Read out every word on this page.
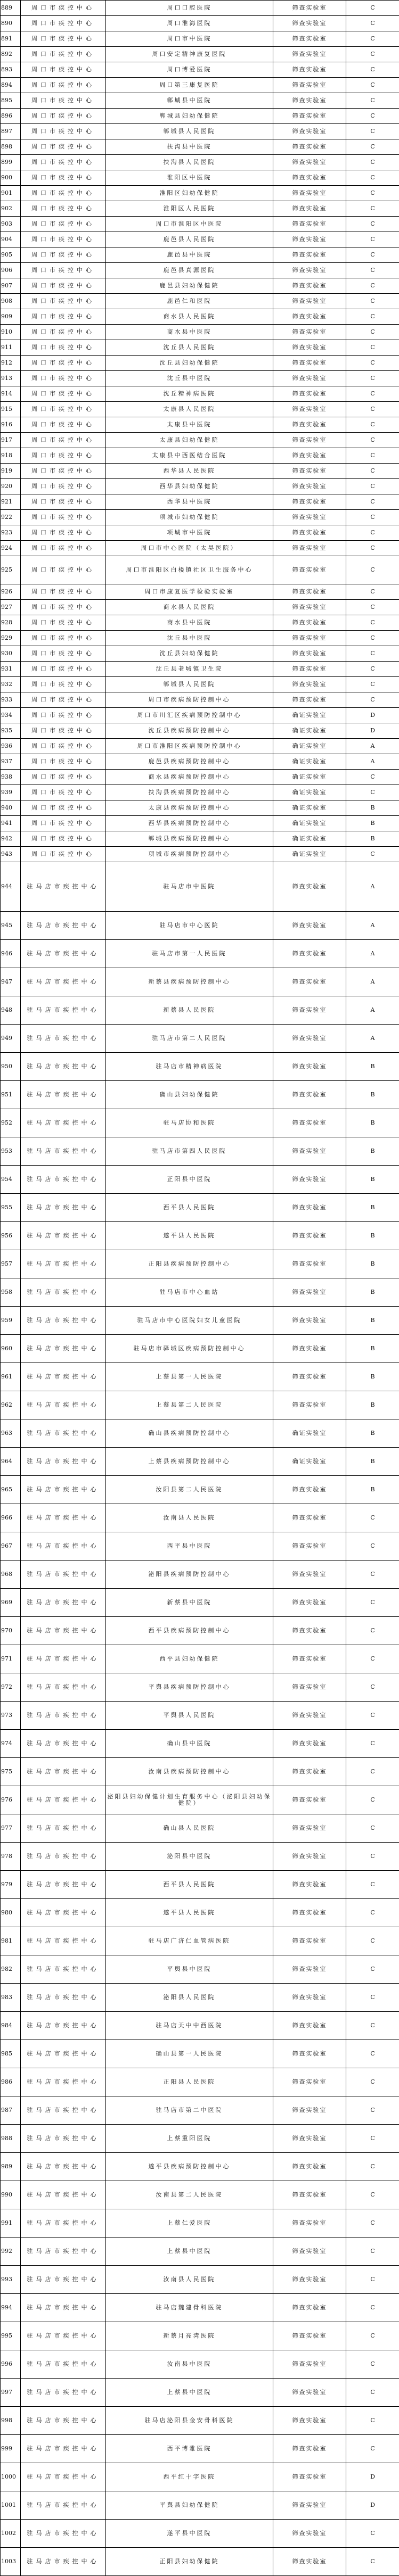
889	周口市疾控中心	周口口腔医院	筛查实验室	C
890	周口市疾控中心	周口淮海医院	筛查实验室	C
891	周口市疾控中心	周口市中医院	筛查实验室	C
892	周口市疾控中心	周口安定精神康复医院	筛查实验室	C
893	周口市疾控中心	周口博爱医院	筛查实验室	C
894	周口市疾控中心	周口第三康复医院	筛查实验室	C
895	周口市疾控中心	郸城县中医院	筛查实验室	C
896	周口市疾控中心	郸城县妇幼保健院	筛查实验室	C
897	周口市疾控中心	郸城县人民医院	筛查实验室	C
898	周口市疾控中心	扶沟县中医院	筛查实验室	C
899	周口市疾控中心	扶沟县人民医院	筛查实验室	C
900	周口市疾控中心	淮阳区中医院	筛查实验室	C
901	周口市疾控中心	淮阳区妇幼保健院	筛查实验室	C
902	周口市疾控中心	淮阳区人民医院	筛查实验室	C
903	周口市疾控中心	周口市淮阳区中医院	筛查实验室	C
904	周口市疾控中心	鹿邑县人民医院	筛查实验室	C
905	周口市疾控中心	鹿邑县中医院	筛查实验室	C
906	周口市疾控中心	鹿邑县真源医院	筛查实验室	C
907	周口市疾控中心	鹿邑县妇幼保健院	筛查实验室	C
908	周口市疾控中心	鹿邑仁和医院	筛查实验室	C
909	周口市疾控中心	商水县人民医院	筛查实验室	C
910	周口市疾控中心	商水县中医院	筛查实验室	C
911	周口市疾控中心	沈丘县人民医院	筛查实验室	C
912	周口市疾控中心	沈丘县妇幼保健院	筛查实验室	C
913	周口市疾控中心	沈丘县中医院	筛查实验室	C
914	周口市疾控中心	沈丘精神病医院	筛查实验室	C
915	周口市疾控中心	太康县人民医院	筛查实验室	C
916	周口市疾控中心	太康县中医院	筛查实验室	C
917	周口市疾控中心	太康县妇幼保健院	筛查实验室	C
918	周口市疾控中心	太康县中西医结合医院	筛查实验室	C
919	周口市疾控中心	西华县人民医院	筛查实验室	C
920	周口市疾控中心	西华县妇幼保健院	筛查实验室	C
921	周口市疾控中心	西华县中医院	筛查实验室	C
922	周口市疾控中心	项城市妇幼保健院	筛查实验室	C
923	周口市疾控中心	项城市中医院	筛查实验室	C
924	周口市疾控中心	周口市中心医院（太昊医院）	筛查实验室	C
925	周口市疾控中心	周口市淮阳区白楼镇社区卫生服务中心	筛查实验室	C
926	周口市疾控中心	周口市康复医学检验实验室	筛查实验室	C
927	周口市疾控中心	商水县人民医院	筛查实验室	C
928	周口市疾控中心	商水县中医院	筛查实验室	C
929	周口市疾控中心	沈丘县中医院	筛查实验室	C
930	周口市疾控中心	沈丘县妇幼保健院	筛查实验室	C
931	周口市疾控中心	沈丘县老城镇卫生院	筛查实验室	C
932	周口市疾控中心	郸城县人民医院	筛查实验室	C
933	周口市疾控中心	周口市疾病预防控制中心	筛查实验室	C
934	周口市疾控中心	周口市川汇区疾病预防控制中心	确证实验室	D
935	周口市疾控中心	沈丘县疾病预防控制中心	确证实验室	D
936	周口市疾控中心	周口市淮阳区疾病预防控制中心	确证实验室	A
937	周口市疾控中心	鹿邑县疾病预防控制中心	确证实验室	A
938	周口市疾控中心	商水县疾病预防控制中心	确证实验室	C
939	周口市疾控中心	扶沟县疾病预防控制中心	确证实验室	C
940	周口市疾控中心	太康县疾病预防控制中心	确证实验室	B
941	周口市疾控中心	西华县疾病预防控制中心	确证实验室	B
942	周口市疾控中心	郸城县疾病预防控制中心	确证实验室	B
943	周口市疾控中心	项城市疾病预防控制中心	确证实验室	C
944	驻马店市疾控中心	驻马店市中医院	筛查实验室	A
945	驻马店市疾控中心	驻马店市中心医院	筛查实验室	A
946	驻马店市疾控中心	驻马店市第一人民医院	筛查实验室	A
947	驻马店市疾控中心	新蔡县疾病预防控制中心	筛查实验室	A
948	驻马店市疾控中心	新蔡县人民医院	筛查实验室	A
949	驻马店市疾控中心	驻马店市第二人民医院	筛查实验室	A
950	驻马店市疾控中心	驻马店市精神病医院	筛查实验室	B
951	驻马店市疾控中心	确山县妇幼保健院	筛查实验室	B
952	驻马店市疾控中心	驻马店协和医院	筛查实验室	B
953	驻马店市疾控中心	驻马店市第四人民医院	筛查实验室	B
954	驻马店市疾控中心	正阳县中医院	筛查实验室	B
955	驻马店市疾控中心	西平县人民医院	筛查实验室	B
956	驻马店市疾控中心	遂平县人民医院	筛查实验室	B
957	驻马店市疾控中心	正阳县疾病预防控制中心	筛查实验室	B
958	驻马店市疾控中心	驻马店市中心血站	筛查实验室	B
959	驻马店市疾控中心	驻马店市中心医院妇女儿童医院	筛查实验室	B
960	驻马店市疾控中心	驻马店市驿城区疾病预防控制中心	筛查实验室	B
961	驻马店市疾控中心	上蔡县第一人民医院	筛查实验室	B
962	驻马店市疾控中心	上蔡县第二人民医院	筛查实验室	B
963	驻马店市疾控中心	确山县疾病预防控制中心	确证实验室	B
964	驻马店市疾控中心	上蔡县疾病预防控制中心	确证实验室	B
965	驻马店市疾控中心	汝阳县第二人民医院	筛查实验室	B
966	驻马店市疾控中心	汝南县人民医院	筛查实验室	C
967	驻马店市疾控中心	西平县中医院	筛查实验室	C
968	驻马店市疾控中心	泌阳县疾病预防控制中心	筛查实验室	C
969	驻马店市疾控中心	新蔡县中医院	筛查实验室	C
970	驻马店市疾控中心	西平县疾病预防控制中心	筛查实验室	C
971	驻马店市疾控中心	西平县妇幼保健院	筛查实验室	C
972	驻马店市疾控中心	平舆县疾病预防控制中心	筛查实验室	C
973	驻马店市疾控中心	平舆县人民医院	筛查实验室	C
974	驻马店市疾控中心	确山县中医院	筛查实验室	C
975	驻马店市疾控中心	汝南县疾病预防控制中心	筛查实验室	C
976	驻马店市疾控中心	泌阳县妇幼保健计划生育服务中心（泌阳县妇幼保健院）	筛查实验室	C
977	驻马店市疾控中心	确山县人民医院	筛查实验室	C
978	驻马店市疾控中心	泌阳县中医院	筛查实验室	C
979	驻马店市疾控中心	西平县人民医院	筛查实验室	C
980	驻马店市疾控中心	遂平县人民医院	筛查实验室	C
981	驻马店市疾控中心	驻马店广济仁血管病医院	筛查实验室	C
982	驻马店市疾控中心	平舆县中医院	筛查实验室	C
983	驻马店市疾控中心	泌阳县人民医院	筛查实验室	C
984	驻马店市疾控中心	驻马店天中中西医院	筛查实验室	C
985	驻马店市疾控中心	确山县第一人民医院	筛查实验室	C
986	驻马店市疾控中心	正阳县人民医院	筛查实验室	C
987	驻马店市疾控中心	驻马店市第二中医院	筛查实验室	C
988	驻马店市疾控中心	上蔡重阳医院	筛查实验室	C
989	驻马店市疾控中心	遂平县疾病预防控制中心	筛查实验室	C
990	驻马店市疾控中心	汝南县第二人民医院	筛查实验室	C
991	驻马店市疾控中心	上蔡仁爱医院	筛查实验室	C
992	驻马店市疾控中心	上蔡县中医院	筛查实验室	C
993	驻马店市疾控中心	汝南县人民医院	筛查实验室	C
994	驻马店市疾控中心	驻马店魏建骨科医院	筛查实验室	C
995	驻马店市疾控中心	新蔡月亮湾医院	筛查实验室	C
996	驻马店市疾控中心	汝南县中医院	筛查实验室	C
997	驻马店市疾控中心	上蔡县中医院	筛查实验室	C
998	驻马店市疾控中心	驻马店泌阳县金安骨科医院	筛查实验室	C
999	驻马店市疾控中心	西平博雅医院	筛查实验室	C
1000	驻马店市疾控中心	西平红十字医院	筛查实验室	D
1001	驻马店市疾控中心	平舆县妇幼保健院	筛查实验室	D
1002	驻马店市疾控中心	遂平县中医院	筛查实验室	C
1003	驻马店市疾控中心	正阳县妇幼保健院	筛查实验室	C
